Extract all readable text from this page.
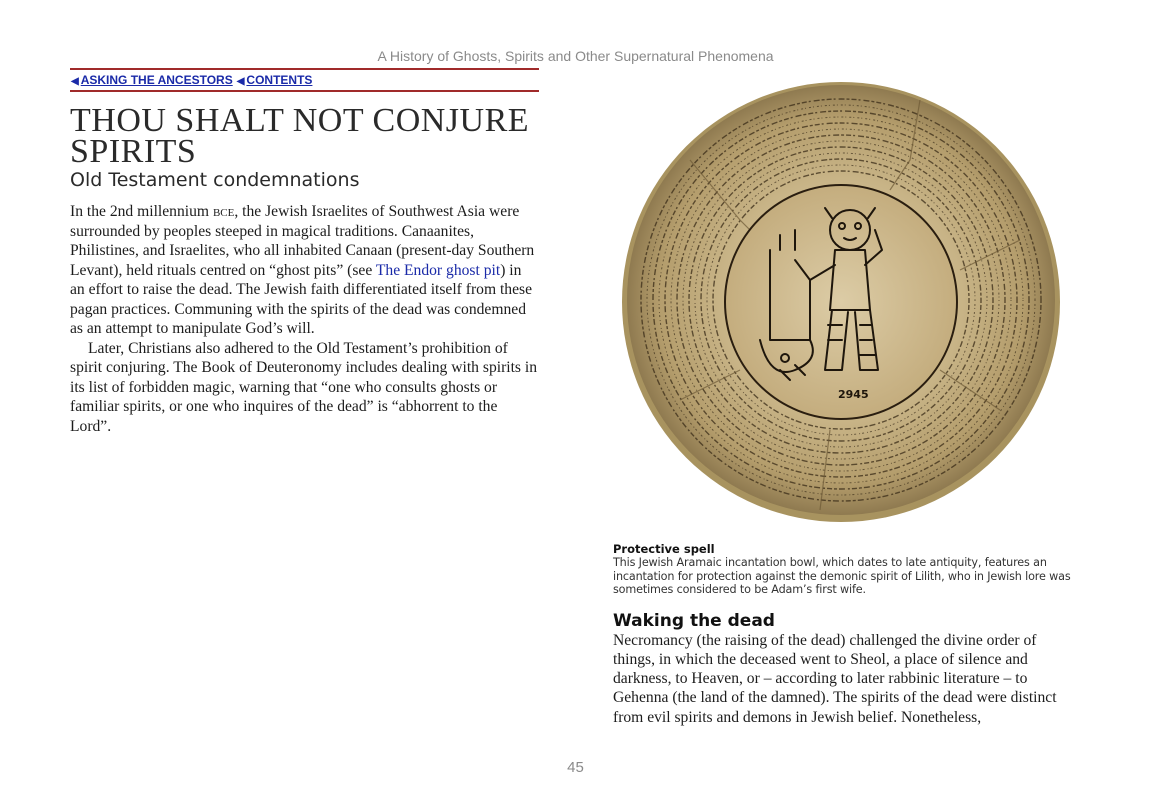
A History of Ghosts, Spirits and Other Supernatural Phenomena
◀ ASKING THE ANCESTORS ◀ CONTENTS
THOU SHALT NOT CONJURE SPIRITS
Old Testament condemnations

In the 2nd millennium bce, the Jewish Israelites of Southwest Asia were surrounded by peoples steeped in magical traditions. Canaanites, Philistines, and Israelites, who all inhabited Canaan (present-day Southern Levant), held rituals centred on “ghost pits” (see The Endor ghost pit) in an effort to raise the dead. The Jewish faith differentiated itself from these pagan practices. Communing with the spirits of the dead was condemned as an attempt to manipulate God’s will.

Later, Christians also adhered to the Old Testament’s prohibition of spirit conjuring. The Book of Deuteronomy includes dealing with spirits in its list of forbidden magic, warning that “one who consults ghosts or familiar spirits, or one who inquires of the dead” is “abhorrent to the Lord”.

2945
Protective spell
This Jewish Aramaic incantation bowl, which dates to late antiquity, features an incantation for protection against the demonic spirit of Lilith, who in Jewish lore was sometimes considered to be Adam’s first wife.
Waking the dead

Necromancy (the raising of the dead) challenged the divine order of things, in which the deceased went to Sheol, a place of silence and darkness, to Heaven, or – according to later rabbinic literature – to Gehenna (the land of the damned). The spirits of the dead were distinct from evil spirits and demons in Jewish belief. Nonetheless,

45
